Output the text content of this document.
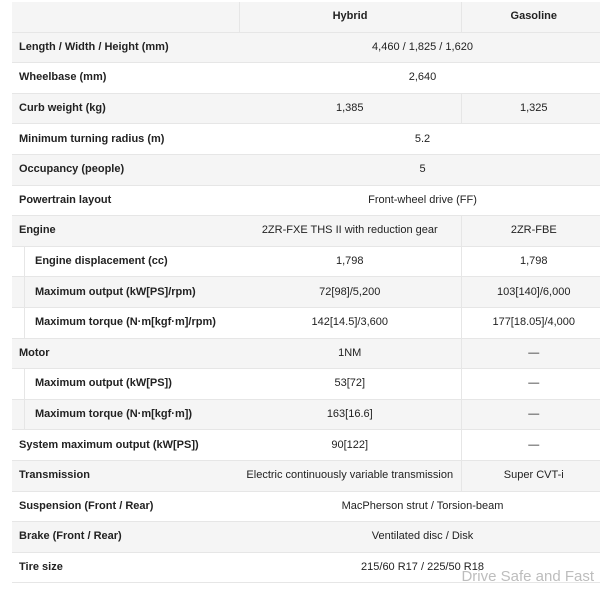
	Hybrid	Gasoline
Length / Width / Height (mm)	4,460 / 1,825 / 1,620	
Wheelbase (mm)	2,640	
Curb weight (kg)	1,385	1,325
Minimum turning radius (m)	5.2	
Occupancy (people)	5	
Powertrain layout	Front-wheel drive (FF)	
Engine	2ZR-FXE THS II with reduction gear	2ZR-FBE
Engine displacement (cc)	1,798	1,798
Maximum output (kW[PS]/rpm)	72[98]/5,200	103[140]/6,000
Maximum torque (N·m[kgf·m]/rpm)	142[14.5]/3,600	177[18.05]/4,000
Motor	1NM	—
Maximum output (kW[PS])	53[72]	—
Maximum torque (N·m[kgf·m])	163[16.6]	—
System maximum output (kW[PS])	90[122]	—
Transmission	Electric continuously variable transmission	Super CVT-i
Suspension (Front / Rear)	MacPherson strut / Torsion-beam	
Brake (Front / Rear)	Ventilated disc / Disk	
Tire size	215/60 R17 / 225/50 R18	
Drive Safe and Fast
